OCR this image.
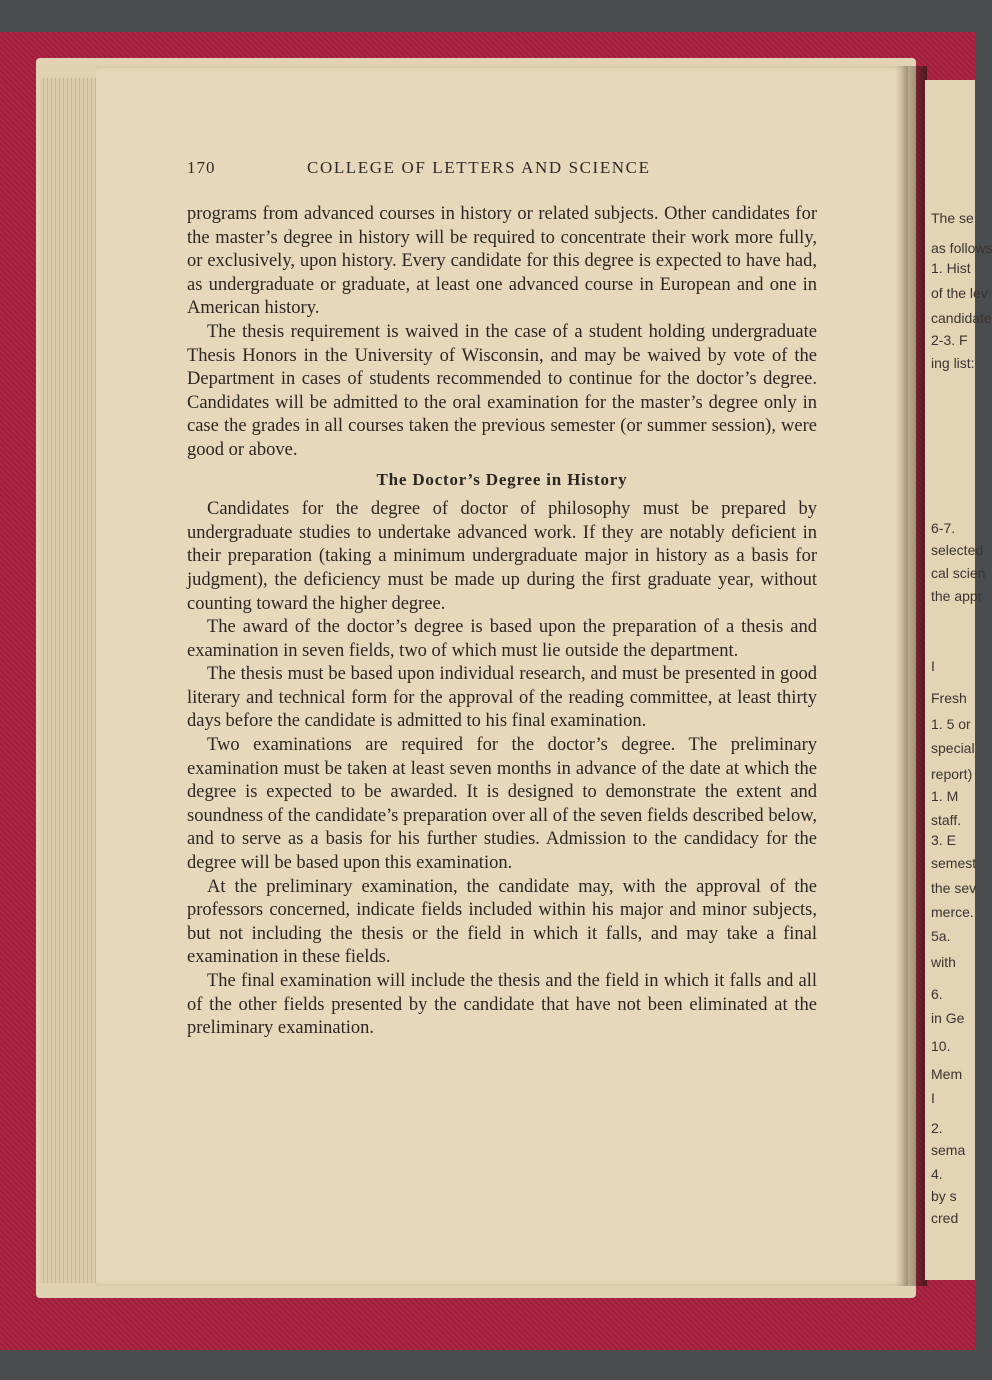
The se
as follows
1. Hist
of the lev
candidate
2-3. F
ing list:
6-7.
selected
cal scien
the appr
I
Fresh
1. 5 or
special
report)
1. M
staff.
3. E
semest
the sev
merce.
5a.
with
6.
in Ge
10.
Mem
I
2.
sema
4.
by s
cred
170	COLLEGE OF LETTERS AND SCIENCE

programs from advanced courses in history or related subjects. Other candidates for the master’s degree in history will be required to concentrate their work more fully, or exclusively, upon history. Every candidate for this degree is expected to have had, as undergraduate or graduate, at least one advanced course in European and one in American history.

The thesis requirement is waived in the case of a student holding undergraduate Thesis Honors in the University of Wisconsin, and may be waived by vote of the Department in cases of students recommended to continue for the doctor’s degree. Candidates will be admitted to the oral examination for the master’s degree only in case the grades in all courses taken the previous semester (or summer session), were good or above.

The Doctor’s Degree in History

Candidates for the degree of doctor of philosophy must be prepared by undergraduate studies to undertake advanced work. If they are notably deficient in their preparation (taking a minimum undergraduate major in history as a basis for judgment), the deficiency must be made up during the first graduate year, without counting toward the higher degree.

The award of the doctor’s degree is based upon the preparation of a thesis and examination in seven fields, two of which must lie outside the department.

The thesis must be based upon individual research, and must be presented in good literary and technical form for the approval of the reading committee, at least thirty days before the candidate is admitted to his final examination.

Two examinations are required for the doctor’s degree. The preliminary examination must be taken at least seven months in advance of the date at which the degree is expected to be awarded. It is designed to demonstrate the extent and soundness of the candidate’s preparation over all of the seven fields described below, and to serve as a basis for his further studies. Admission to the candidacy for the degree will be based upon this examination.

At the preliminary examination, the candidate may, with the approval of the professors concerned, indicate fields included within his major and minor subjects, but not including the thesis or the field in which it falls, and may take a final examination in these fields.

The final examination will include the thesis and the field in which it falls and all of the other fields presented by the candidate that have not been eliminated at the preliminary examination.
